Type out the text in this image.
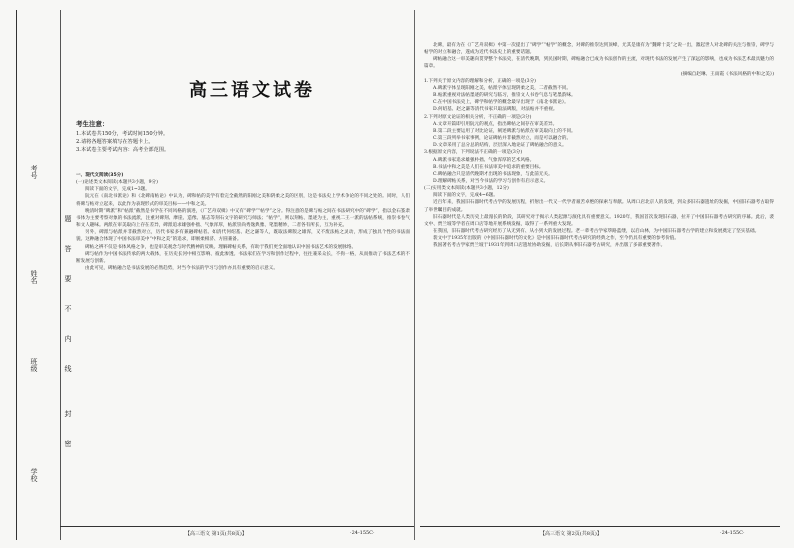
考号
题
答
要
不
内
线
封
密
姓名
班级
学校
高三语文试卷
考生注意：
1.本试卷共150分，考试时间150分钟。
2.请将各题答案填写在答题卡上。
3.本试卷主要考试内容：高考全部范围。

一、现代文阅读(35分)

(一)论述类文本阅读(本题共3小题，9分)

阅读下面的文字，完成1~3题。

阮元在《南北书派论》和《北碑南帖论》中认为，碑和帖的美学有着完全截然的阳刚之美和阴柔之美的区别，这是书法史上学术争论的不同之处的。同时，人们将碑与帖对立起来，以此作为表现形式的审美目标——中和之美。

晚清时期“碑派”和“帖派”截然是书学在不同风格的演进，《广艺舟双楫》中又有“碑学”“帖学”之分。得注意的是碑与帖之间在书法研究中的“碑学”，指以金石篆隶书体为主要考察对象的书法流派，注重对碑刻、摩崖、造像、墓志等刻石文字的研究与师法；“帖学”，则以刻帖、墨迹为主，重视二王一派的法帖系统，推崇书卷气和文人趣味。两派在审美取向上存在差异，碑派追求雄强朴拙、气象浑厚，帖派崇尚秀逸典雅、笔墨精妙，二者各有所长，互为补充。

另外，碑派与帖派并非截然对立，历代书家多有兼融碑帖者。如清代何绍基、赵之谦等人，既取法碑版之雄浑，又不废法帖之灵动，形成了独具个性的书法面貌。这种融合体现了中国书法审美中“中和之美”的追求，即刚柔相济、方圆兼备。

碑帖之辨不仅是书体风格之争，也是审美观念与时代精神的反映。理解碑帖关系，有助于我们更全面地认识中国书法艺术的发展脉络。

碑与帖作为中国书法传承的两大载体，在历史长河中相互影响、彼此渗透。书法家们在学习和创作过程中，往往兼采众长，不拘一格，从而推动了书法艺术的不断发展与创新。

由此可见，碑帖融合是书法发展的必然趋势，对当今书法的学习与创作亦具有重要的启示意义。

【高三语文 第1页(共8页)】	·24-155C·

北碑，最有为在《广艺舟双楫》中第一次提出了“碑学”“帖学”的概念，对碑的推崇达到顶峰，尤其是康有为“魏碑十美”之说一出，激起世人对北碑的关注与推崇，碑学与帖学的对立和融合，遂成为近代书法史上的重要话题。

碑帖融合这一审美趣向贯穿整个书法史，在清代晚期，到民国时期，碑帖融合已成为书法创作的主流，对现代书法的发展产生了深远的影响，也成为书法艺术最具魅力的篇章。

(摘编自赵琳、王雨霞《书法风格的中和之美》)

1.下列关于原文内容的理解和分析，正确的一项是(3分)

A.碑派字体呈现阳刚之美，帖派字体呈现阴柔之美，二者截然不同。

B.帖派重视对法帖墨迹的研究与临习，推崇文人书卷气息与笔墨韵味。

C.在中国书法史上，碑学和帖学的概念最早出现于《南北书派论》。

D.何绍基、赵之谦等清代书家只取法碑版，对法帖并不重视。

2.下列对原文论证的相关分析，不正确的一项是(3分)

A.文章开篇即引用阮元的观点，指出碑帖之间存在审美差异。

B.第二段主要运用了对比论证，阐述碑派与帖派在审美取向上的不同。

C.第三段列举书家事例，论证碑帖并非截然对立，而是可以融合的。

D.文章采用了总分总的结构，层层深入地论证了碑帖融合的意义。

3.根据原文内容，下列说法不正确的一项是(3分)

A.碑派书家追求雄强朴拙、气象浑厚的艺术风格。

B.书法中和之美是人们在书法审美中追求的重要目标。

C.碑帖融合只是清代晚期才出现的书法现象，与此前无关。

D.理解碑帖关系，对当今书法的学习与创作有启示意义。

(二)实用类文本阅读(本题共3小题，12分)

阅读下面的文字，完成4~6题。

近百年来，我国旧石器时代考古学的发展历程，折射出一代又一代学者艰苦卓绝的探索与奉献。从周口店北京人的发现，到众多旧石器遗址的发掘，中国旧石器考古取得了举世瞩目的成就。

旧石器时代是人类历史上最漫长的阶段，其研究对于揭示人类起源与演化具有重要意义。1920年，我国首次发现旧石器，拉开了中国旧石器考古研究的序幕。此后，裴文中、贾兰坡等学者在周口店等地开展系统发掘，取得了一系列重大发现。

在我国，旧石器时代考古研究经历了从无到有、从小到大的发展过程。老一辈考古学家筚路蓝缕，以启山林，为中国旧石器考古学的建立和发展奠定了坚实基础。

裴文中于1935年出版的《中国旧石器时代的文化》是中国旧石器时代考古研究的经典之作，至今仍具有重要的参考价值。

我国著名考古学家贾兰坡于1931年到周口店遗址协助发掘，后长期从事旧石器考古研究，并出版了多部重要著作。

【高三语文 第2页(共8页)】	·24-155C·
